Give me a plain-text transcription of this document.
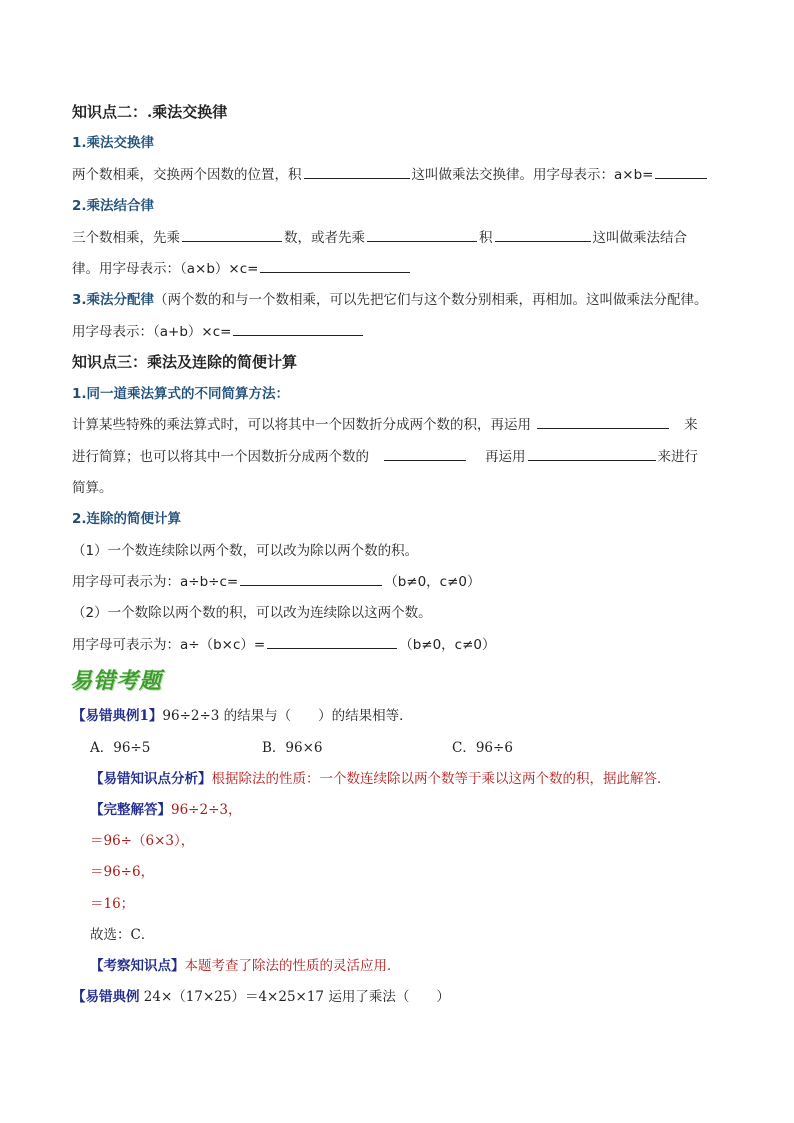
知识点二：.乘法交换律
1.乘法交换律
两个数相乘，交换两个因数的位置，积	这叫做乘法交换律。用字母表示：a×b=
2.乘法结合律
三个数相乘，先乘	数，或者先乘	积	这叫做乘法结合
律。用字母表示：（a×b）×c=
3.乘法分配律（两个数的和与一个数相乘，可以先把它们与这个数分别相乘，再相加。这叫做乘法分配律。
用字母表示：（a+b）×c=
知识点三：乘法及连除的简便计算
1.同一道乘法算式的不同简算方法：
计算某些特殊的乘法算式时，可以将其中一个因数折分成两个数的积，再运用	来
进行简算；也可以将其中一个因数折分成两个数的	再运用	来进行
简算。
2.连除的简便计算
（1）一个数连续除以两个数，可以改为除以两个数的积。
用字母可表示为：a÷b÷c=	（b≠0，c≠0）
（2）一个数除以两个数的积，可以改为连续除以这两个数。
用字母可表示为：a÷（b×c）=	（b≠0，c≠0）
易错考题
【易错典例1】96÷2÷3 的结果与（　　）的结果相等．
A．96÷5	B．96×6	C．96÷6
【易错知识点分析】根据除法的性质：一个数连续除以两个数等于乘以这两个数的积，据此解答．
【完整解答】96÷2÷3，
＝96÷（6×3），
＝96÷6，
＝16；
故选：C．
【考察知识点】本题考查了除法的性质的灵活应用．
【易错典例 24×（17×25）＝4×25×17 运用了乘法（　　）
